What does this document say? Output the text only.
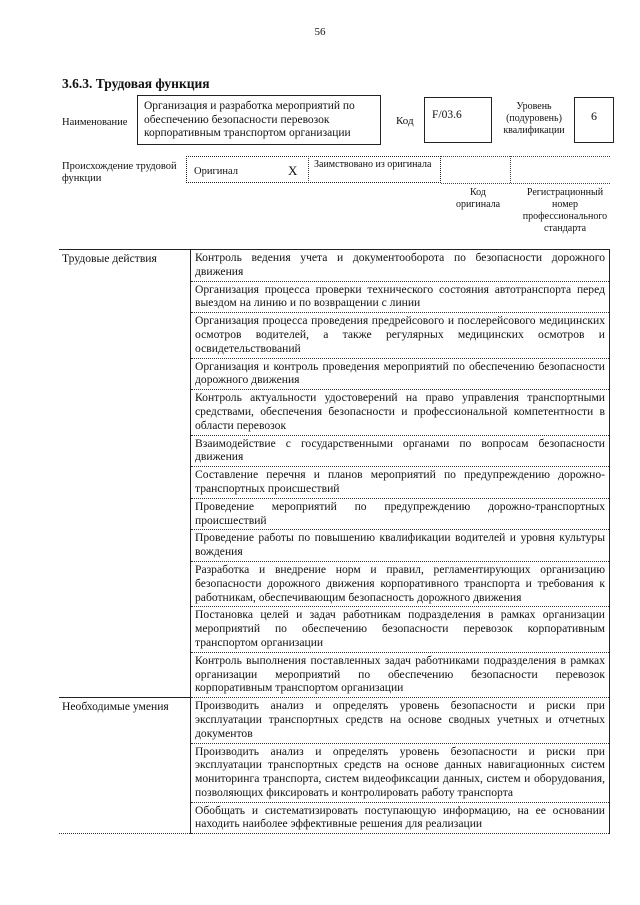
56
3.6.3. Трудовая функция
Наименование
Организация и разработка мероприятий по обеспечению безопасности перевозок корпоративным транспортом организации
Код	F/03.6
Уровень (подуровень) квалификации
6
Происхождение трудовой функции
Оригинал	X Заимствовано из оригинала
Код оригинала
Регистрационный номер профессионального стандарта
Трудовые действия	Контроль ведения учета и документооборота по безопасности дорожного движения
	Организация процесса проверки технического состояния автотранспорта перед выездом на линию и по возвращении с линии
	Организация процесса проведения предрейсового и послерейсового медицинских осмотров водителей, а также регулярных медицинских осмотров и освидетельствований
	Организация и контроль проведения мероприятий по обеспечению безопасности дорожного движения
	Контроль актуальности удостоверений на право управления транспортными средствами, обеспечения безопасности и профессиональной компетентности в области перевозок
	Взаимодействие с государственными органами по вопросам безопасности движения
	Составление перечня и планов мероприятий по предупреждению дорожно-транспортных происшествий
	Проведение мероприятий по предупреждению дорожно-транспортных происшествий
	Проведение работы по повышению квалификации водителей и уровня культуры вождения
	Разработка и внедрение норм и правил, регламентирующих организацию безопасности дорожного движения корпоративного транспорта и требования к работникам, обеспечивающим безопасность дорожного движения
	Постановка целей и задач работникам подразделения в рамках организации мероприятий по обеспечению безопасности перевозок корпоративным транспортом организации
	Контроль выполнения поставленных задач работниками подразделения в рамках организации мероприятий по обеспечению безопасности перевозок корпоративным транспортом организации
Необходимые умения	Производить анализ и определять уровень безопасности и риски при эксплуатации транспортных средств на основе сводных учетных и отчетных документов
	Производить анализ и определять уровень безопасности и риски при эксплуатации транспортных средств на основе данных навигационных систем мониторинга транспорта, систем видеофиксации данных, систем и оборудования, позволяющих фиксировать и контролировать работу транспорта
	Обобщать и систематизировать поступающую информацию, на ее основании находить наиболее эффективные решения для реализации
